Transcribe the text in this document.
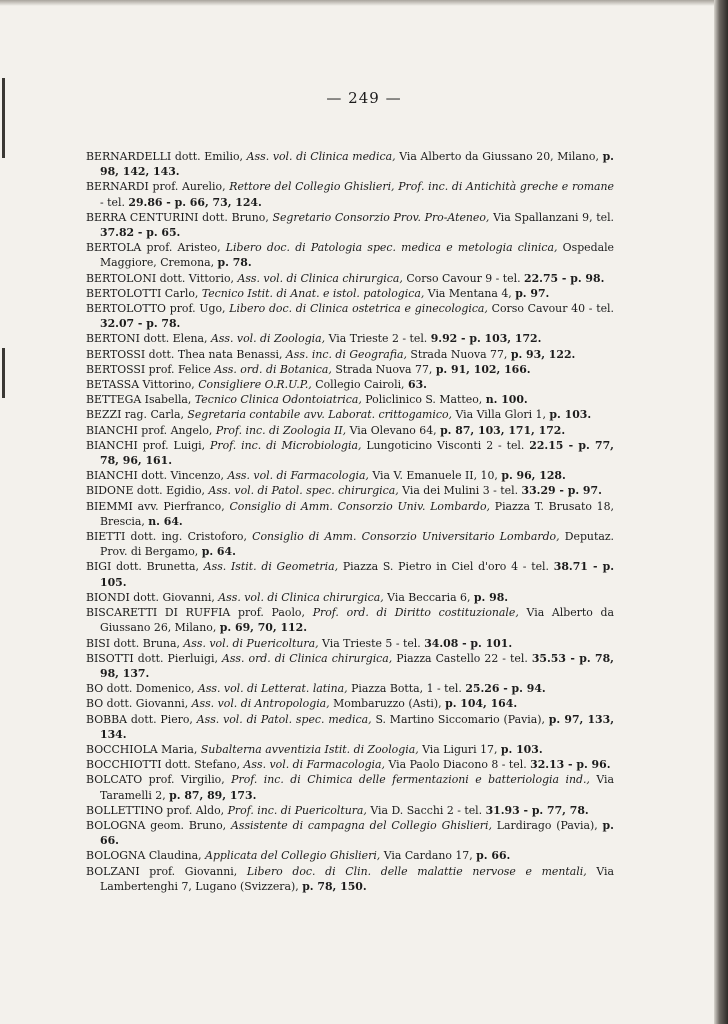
— 249 —
BERNARDELLI dott. Emilio, Ass. vol. di Clinica medica, Via Alberto da Giussano 20, Milano, p. 98, 142, 143.
BERNARDI prof. Aurelio, Rettore del Collegio Ghislieri, Prof. inc. di Antichità greche e romane - tel. 29.86 - p. 66, 73, 124.
BERRA CENTURINI dott. Bruno, Segretario Consorzio Prov. Pro-Ateneo, Via Spallanzani 9, tel. 37.82 - p. 65.
BERTOLA prof. Aristeo, Libero doc. di Patologia spec. medica e metologia clinica, Ospedale Maggiore, Cremona, p. 78.
BERTOLONI dott. Vittorio, Ass. vol. di Clinica chirurgica, Corso Cavour 9 - tel. 22.75 - p. 98.
BERTOLOTTI Carlo, Tecnico Istit. di Anat. e istol. patologica, Via Mentana 4, p. 97.
BERTOLOTTO prof. Ugo, Libero doc. di Clinica ostetrica e ginecologica, Corso Cavour 40 - tel. 32.07 - p. 78.
BERTONI dott. Elena, Ass. vol. di Zoologia, Via Trieste 2 - tel. 9.92 - p. 103, 172.
BERTOSSI dott. Thea nata Benassi, Ass. inc. di Geografia, Strada Nuova 77, p. 93, 122.
BERTOSSI prof. Felice Ass. ord. di Botanica, Strada Nuova 77, p. 91, 102, 166.
BETASSA Vittorino, Consigliere O.R.U.P., Collegio Cairoli, 63.
BETTEGA Isabella, Tecnico Clinica Odontoiatrica, Policlinico S. Matteo, n. 100.
BEZZI rag. Carla, Segretaria contabile avv. Laborat. crittogamico, Via Villa Glori 1, p. 103.
BIANCHI prof. Angelo, Prof. inc. di Zoologia II, Via Olevano 64, p. 87, 103, 171, 172.
BIANCHI prof. Luigi, Prof. inc. di Microbiologia, Lungoticino Visconti 2 - tel. 22.15 - p. 77, 78, 96, 161.
BIANCHI dott. Vincenzo, Ass. vol. di Farmacologia, Via V. Emanuele II, 10, p. 96, 128.
BIDONE dott. Egidio, Ass. vol. di Patol. spec. chirurgica, Via dei Mulini 3 - tel. 33.29 - p. 97.
BIEMMI avv. Pierfranco, Consiglio di Amm. Consorzio Univ. Lombardo, Piazza T. Brusato 18, Brescia, n. 64.
BIETTI dott. ing. Cristoforo, Consiglio di Amm. Consorzio Universitario Lombardo, Deputaz. Prov. di Bergamo, p. 64.
BIGI dott. Brunetta, Ass. Istit. di Geometria, Piazza S. Pietro in Ciel d'oro 4 - tel. 38.71 - p. 105.
BIONDI dott. Giovanni, Ass. vol. di Clinica chirurgica, Via Beccaria 6, p. 98.
BISCARETTI DI RUFFIA prof. Paolo, Prof. ord. di Diritto costituzionale, Via Alberto da Giussano 26, Milano, p. 69, 70, 112.
BISI dott. Bruna, Ass. vol. di Puericoltura, Via Trieste 5 - tel. 34.08 - p. 101.
BISOTTI dott. Pierluigi, Ass. ord. di Clinica chirurgica, Piazza Castello 22 - tel. 35.53 - p. 78, 98, 137.
BO dott. Domenico, Ass. vol. di Letterat. latina, Piazza Botta, 1 - tel. 25.26 - p. 94.
BO dott. Giovanni, Ass. vol. di Antropologia, Mombaruzzo (Asti), p. 104, 164.
BOBBA dott. Piero, Ass. vol. di Patol. spec. medica, S. Martino Siccomario (Pavia), p. 97, 133, 134.
BOCCHIOLA Maria, Subalterna avventizia Istit. di Zoologia, Via Liguri 17, p. 103.
BOCCHIOTTI dott. Stefano, Ass. vol. di Farmacologia, Via Paolo Diacono 8 - tel. 32.13 - p. 96.
BOLCATO prof. Virgilio, Prof. inc. di Chimica delle fermentazioni e batteriologia ind., Via Taramelli 2, p. 87, 89, 173.
BOLLETTINO prof. Aldo, Prof. inc. di Puericoltura, Via D. Sacchi 2 - tel. 31.93 - p. 77, 78.
BOLOGNA geom. Bruno, Assistente di campagna del Collegio Ghislieri, Lardirago (Pavia), p. 66.
BOLOGNA Claudina, Applicata del Collegio Ghislieri, Via Cardano 17, p. 66.
BOLZANI prof. Giovanni, Libero doc. di Clin. delle malattie nervose e mentali, Via Lambertenghi 7, Lugano (Svizzera), p. 78, 150.
